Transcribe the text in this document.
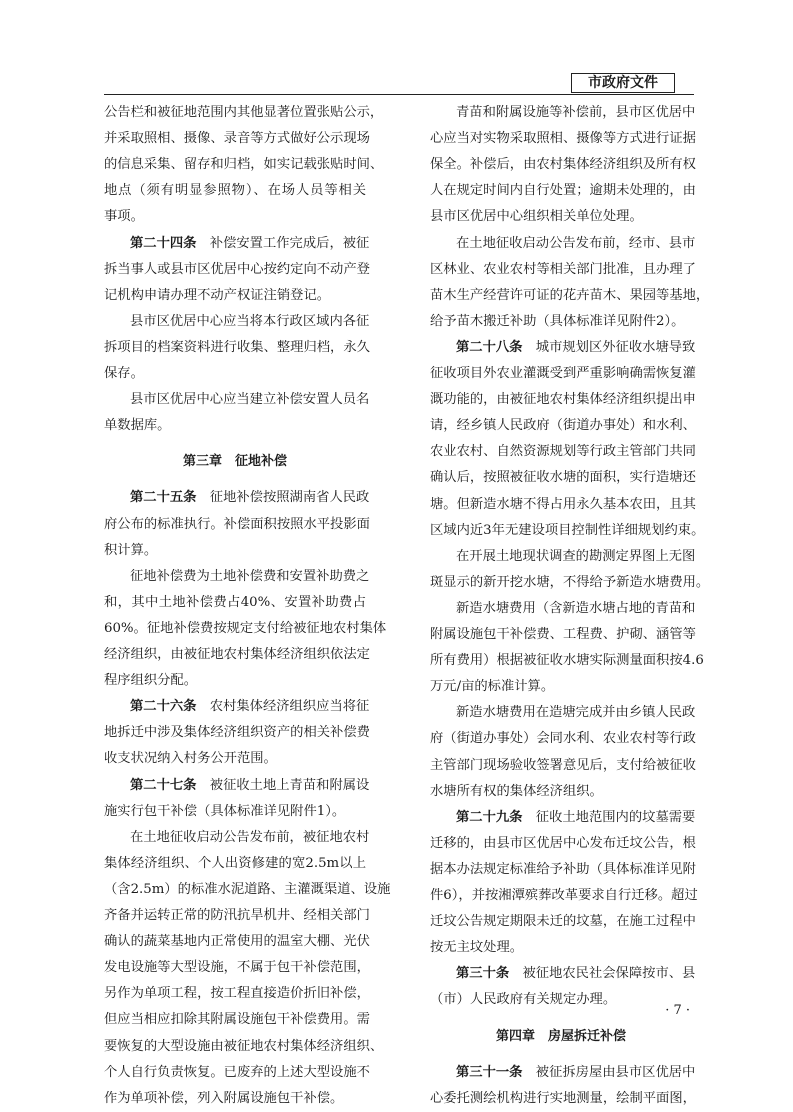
市政府文件
公告栏和被征地范围内其他显著位置张贴公示，
并采取照相、摄像、录音等方式做好公示现场
的信息采集、留存和归档，如实记载张贴时间、
地点（须有明显参照物）、在场人员等相关
事项。
第二十四条　补偿安置工作完成后，被征
拆当事人或县市区优居中心按约定向不动产登
记机构申请办理不动产权证注销登记。
县市区优居中心应当将本行政区域内各征
拆项目的档案资料进行收集、整理归档，永久
保存。
县市区优居中心应当建立补偿安置人员名
单数据库。
第三章　征地补偿
第二十五条　征地补偿按照湖南省人民政
府公布的标准执行。补偿面积按照水平投影面
积计算。
征地补偿费为土地补偿费和安置补助费之
和，其中土地补偿费占40%、安置补助费占
60%。征地补偿费按规定支付给被征地农村集体
经济组织，由被征地农村集体经济组织依法定
程序组织分配。
第二十六条　农村集体经济组织应当将征
地拆迁中涉及集体经济组织资产的相关补偿费
收支状况纳入村务公开范围。
第二十七条　被征收土地上青苗和附属设
施实行包干补偿（具体标准详见附件1）。
在土地征收启动公告发布前，被征地农村
集体经济组织、个人出资修建的宽2.5m以上
（含2.5m）的标准水泥道路、主灌溉渠道、设施
齐备并运转正常的防汛抗旱机井、经相关部门
确认的蔬菜基地内正常使用的温室大棚、光伏
发电设施等大型设施，不属于包干补偿范围，
另作为单项工程，按工程直接造价折旧补偿，
但应当相应扣除其附属设施包干补偿费用。需
要恢复的大型设施由被征地农村集体经济组织、
个人自行负责恢复。已废弃的上述大型设施不
作为单项补偿，列入附属设施包干补偿。
青苗和附属设施等补偿前，县市区优居中
心应当对实物采取照相、摄像等方式进行证据
保全。补偿后，由农村集体经济组织及所有权
人在规定时间内自行处置；逾期未处理的，由
县市区优居中心组织相关单位处理。
在土地征收启动公告发布前，经市、县市
区林业、农业农村等相关部门批准，且办理了
苗木生产经营许可证的花卉苗木、果园等基地，
给予苗木搬迁补助（具体标准详见附件2）。
第二十八条　城市规划区外征收水塘导致
征收项目外农业灌溉受到严重影响确需恢复灌
溉功能的，由被征地农村集体经济组织提出申
请，经乡镇人民政府（街道办事处）和水利、
农业农村、自然资源规划等行政主管部门共同
确认后，按照被征收水塘的面积，实行造塘还
塘。但新造水塘不得占用永久基本农田，且其
区域内近3年无建设项目控制性详细规划约束。
在开展土地现状调查的勘测定界图上无图
斑显示的新开挖水塘，不得给予新造水塘费用。
新造水塘费用（含新造水塘占地的青苗和
附属设施包干补偿费、工程费、护砌、涵管等
所有费用）根据被征收水塘实际测量面积按4.6
万元/亩的标准计算。
新造水塘费用在造塘完成并由乡镇人民政
府（街道办事处）会同水利、农业农村等行政
主管部门现场验收签署意见后，支付给被征收
水塘所有权的集体经济组织。
第二十九条　征收土地范围内的坟墓需要
迁移的，由县市区优居中心发布迁坟公告，根
据本办法规定标准给予补助（具体标准详见附
件6），并按湘潭殡葬改革要求自行迁移。超过
迁坟公告规定期限未迁的坟墓，在施工过程中
按无主坟处理。
第三十条　被征地农民社会保障按市、县
（市）人民政府有关规定办理。
第四章　房屋拆迁补偿
第三十一条　被征拆房屋由县市区优居中
心委托测绘机构进行实地测量，绘制平面图，
· 7 ·
